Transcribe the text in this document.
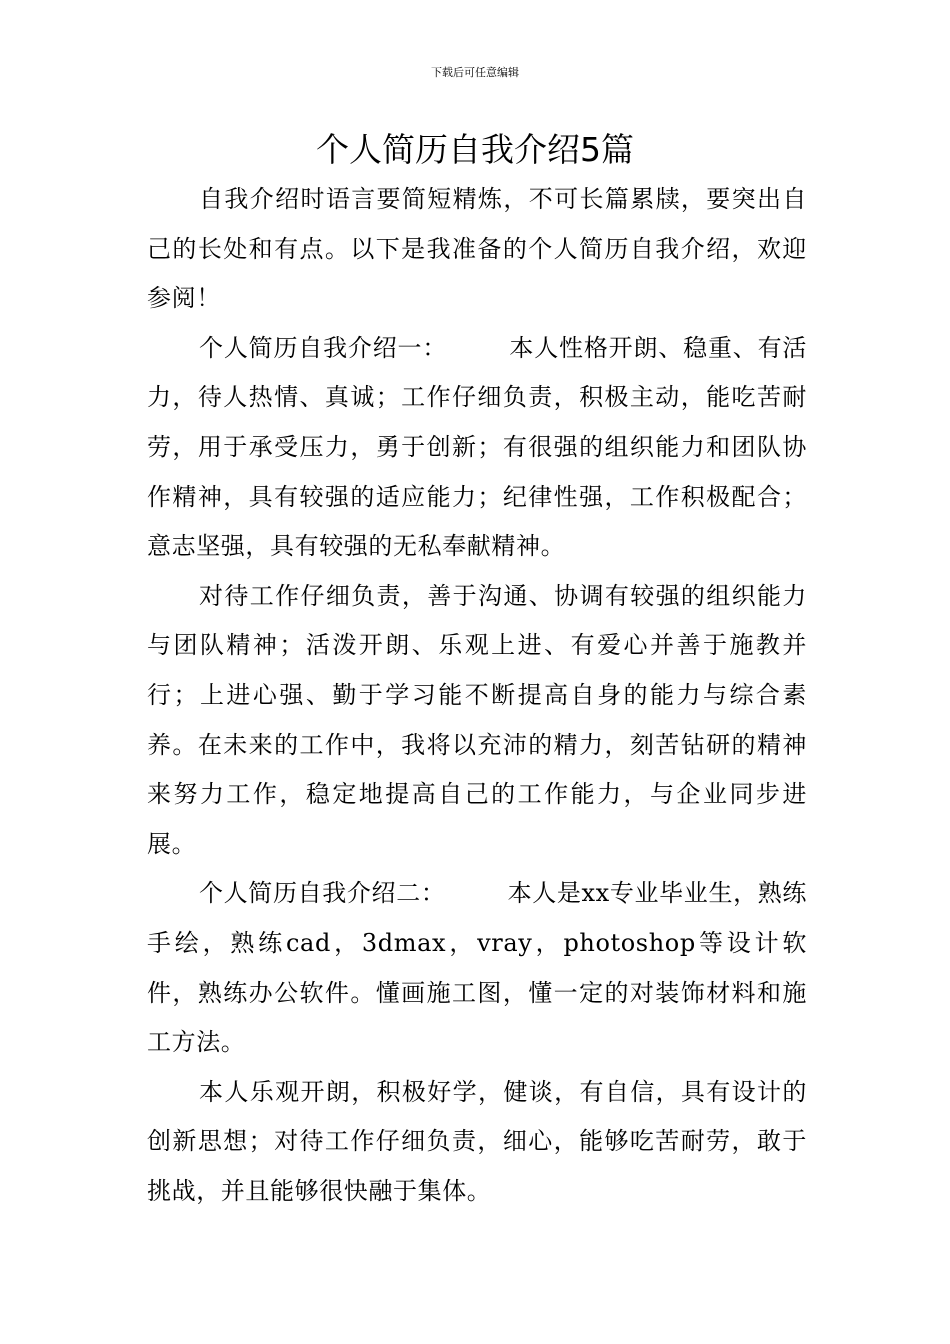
下载后可任意编辑
个人简历自我介绍5篇

自我介绍时语言要简短精炼，不可长篇累牍，要突出自己的长处和有点。以下是我准备的个人简历自我介绍，欢迎参阅！

个人简历自我介绍一：	本人性格开朗、稳重、有活力，待人热情、真诚；工作仔细负责，积极主动，能吃苦耐劳，用于承受压力，勇于创新；有很强的组织能力和团队协作精神，具有较强的适应能力；纪律性强，工作积极配合；意志坚强，具有较强的无私奉献精神。

对待工作仔细负责，善于沟通、协调有较强的组织能力与团队精神；活泼开朗、乐观上进、有爱心并善于施教并行；上进心强、勤于学习能不断提高自身的能力与综合素养。在未来的工作中，我将以充沛的精力，刻苦钻研的精神来努力工作，稳定地提高自己的工作能力，与企业同步进展。

个人简历自我介绍二：	本人是xx专业毕业生，熟练手绘，熟练cad，3dmax，vray，photoshop等设计软件，熟练办公软件。懂画施工图，懂一定的对装饰材料和施工方法。

本人乐观开朗，积极好学，健谈，有自信，具有设计的创新思想；对待工作仔细负责，细心，能够吃苦耐劳，敢于挑战，并且能够很快融于集体。
